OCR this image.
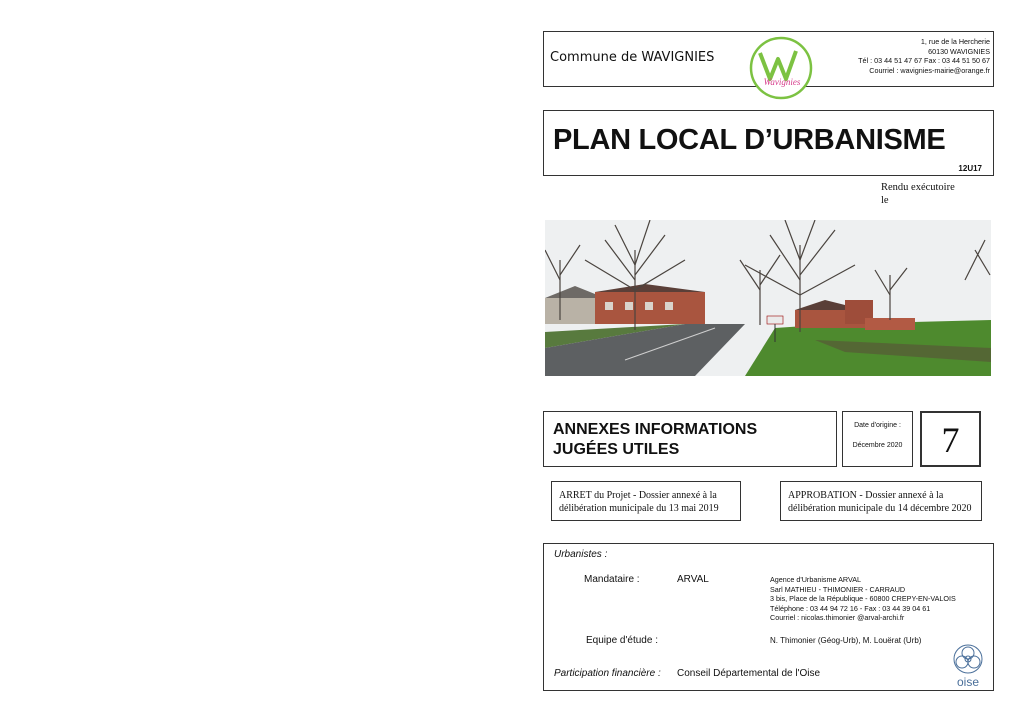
Commune de WAVIGNIES
Wavignies
1, rue de la Hercherie
60130 WAVIGNIES
Tél : 03 44 51 47 67 Fax : 03 44 51 50 67
Courriel : wavignies-mairie@orange.fr
PLAN LOCAL D’URBANISME
12U17
Rendu exécutoire
le
ANNEXES INFORMATIONS
JUGÉES UTILES
Date d'origine :
Décembre 2020	7
ARRET du Projet - Dossier annexé à la
délibération municipale du 13 mai 2019
APPROBATION - Dossier annexé à la
délibération municipale du 14 décembre 2020
Urbanistes :
Mandataire :	ARVAL	Agence d'Urbanisme ARVAL
Sarl MATHIEU - THIMONIER - CARRAUD
3 bis, Place de la République - 60800 CREPY-EN-VALOIS
Téléphone : 03 44 94 72 16 - Fax : 03 44 39 04 61
Courriel : nicolas.thimonier @arval-archi.fr
Equipe d'étude :	N. Thimonier (Géog-Urb), M. Louërat (Urb)
Participation financière : Conseil Départemental de l'Oise
oise
